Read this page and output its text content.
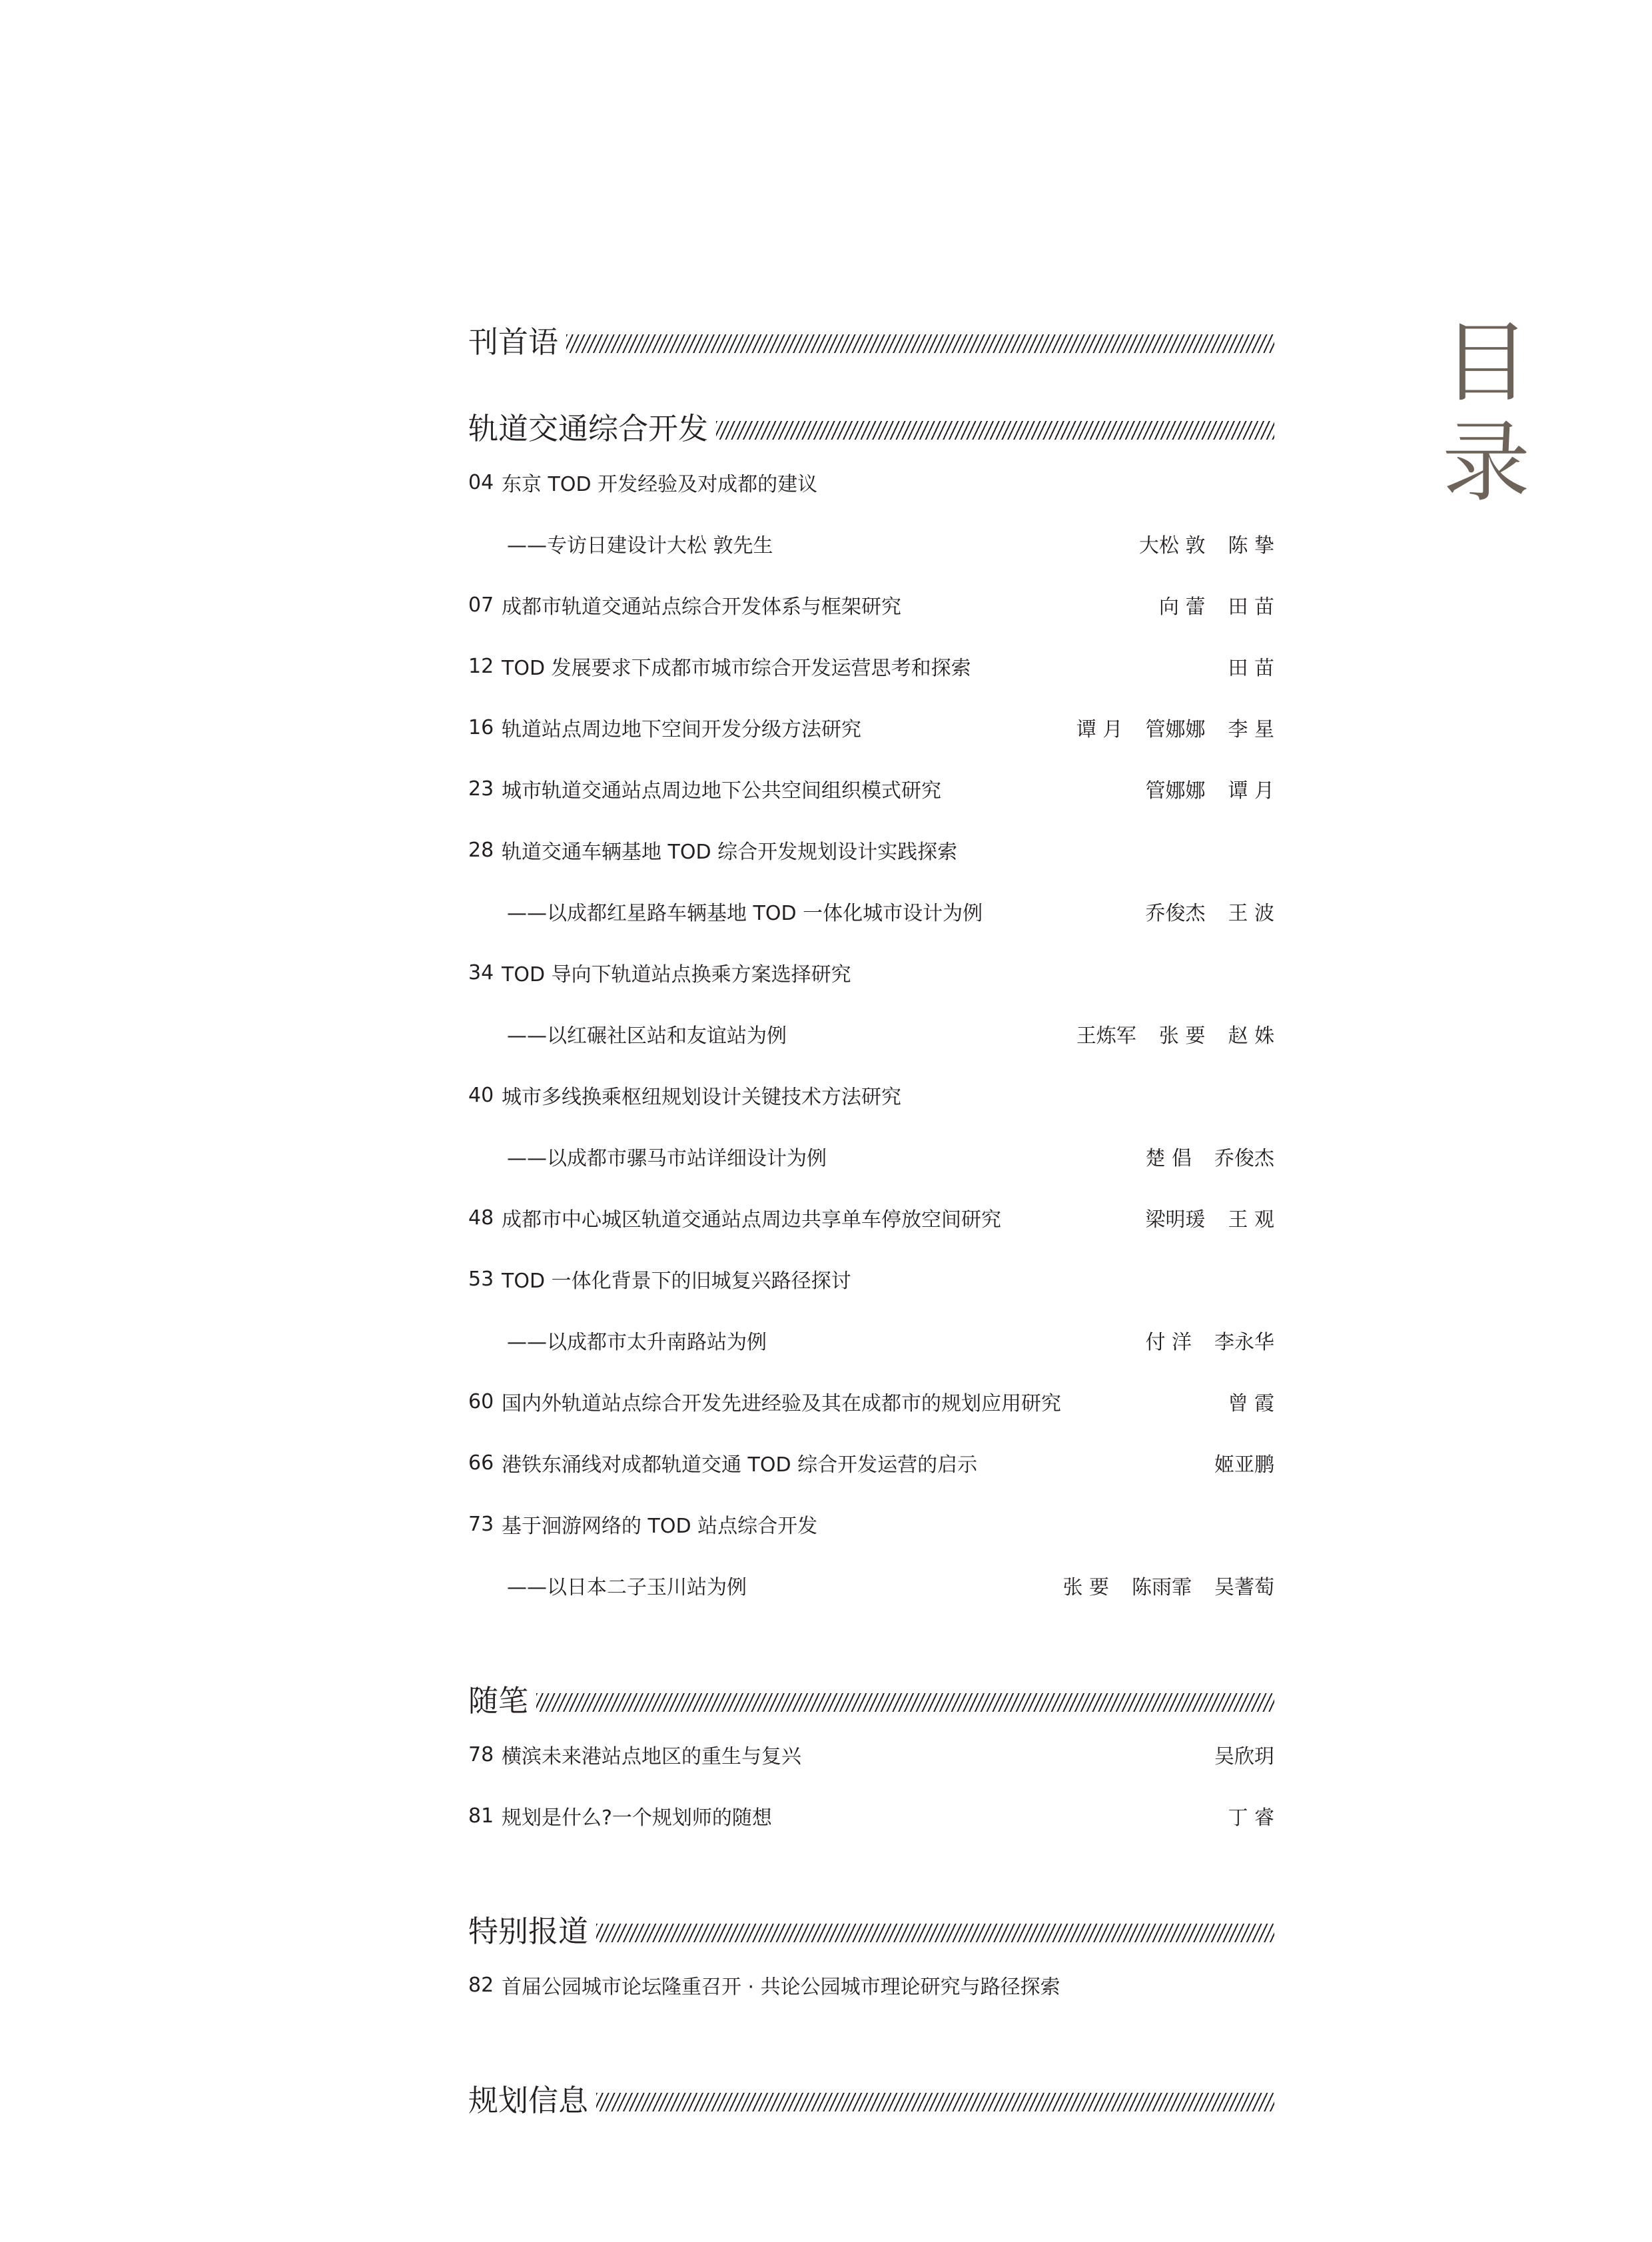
目
录
刊首语
轨道交通综合开发
04 东京 TOD 开发经验及对成都的建议
——专访日建设计大松 敦先生	大松 敦 陈 挚
07 成都市轨道交通站点综合开发体系与框架研究	向 蕾 田 苗
12 TOD 发展要求下成都市城市综合开发运营思考和探索	田 苗
16 轨道站点周边地下空间开发分级方法研究	谭 月 管娜娜 李 星
23 城市轨道交通站点周边地下公共空间组织模式研究	管娜娜 谭 月
28 轨道交通车辆基地 TOD 综合开发规划设计实践探索
——以成都红星路车辆基地 TOD 一体化城市设计为例	乔俊杰 王 波
34 TOD 导向下轨道站点换乘方案选择研究
——以红碾社区站和友谊站为例	王炼军 张 要 赵 姝
40 城市多线换乘枢纽规划设计关键技术方法研究
——以成都市骡马市站详细设计为例	楚 倡 乔俊杰
48 成都市中心城区轨道交通站点周边共享单车停放空间研究	梁明瑗 王 观
53 TOD 一体化背景下的旧城复兴路径探讨
——以成都市太升南路站为例	付 洋 李永华
60 国内外轨道站点综合开发先进经验及其在成都市的规划应用研究	曾 霞
66 港铁东涌线对成都轨道交通 TOD 综合开发运营的启示	姬亚鹏
73 基于洄游网络的 TOD 站点综合开发
——以日本二子玉川站为例	张 要 陈雨霏 吴蓍萄
随笔
78 横滨未来港站点地区的重生与复兴	吴欣玥
81 规划是什么?一个规划师的随想	丁 睿
特别报道
82 首届公园城市论坛隆重召开 · 共论公园城市理论研究与路径探索
规划信息
